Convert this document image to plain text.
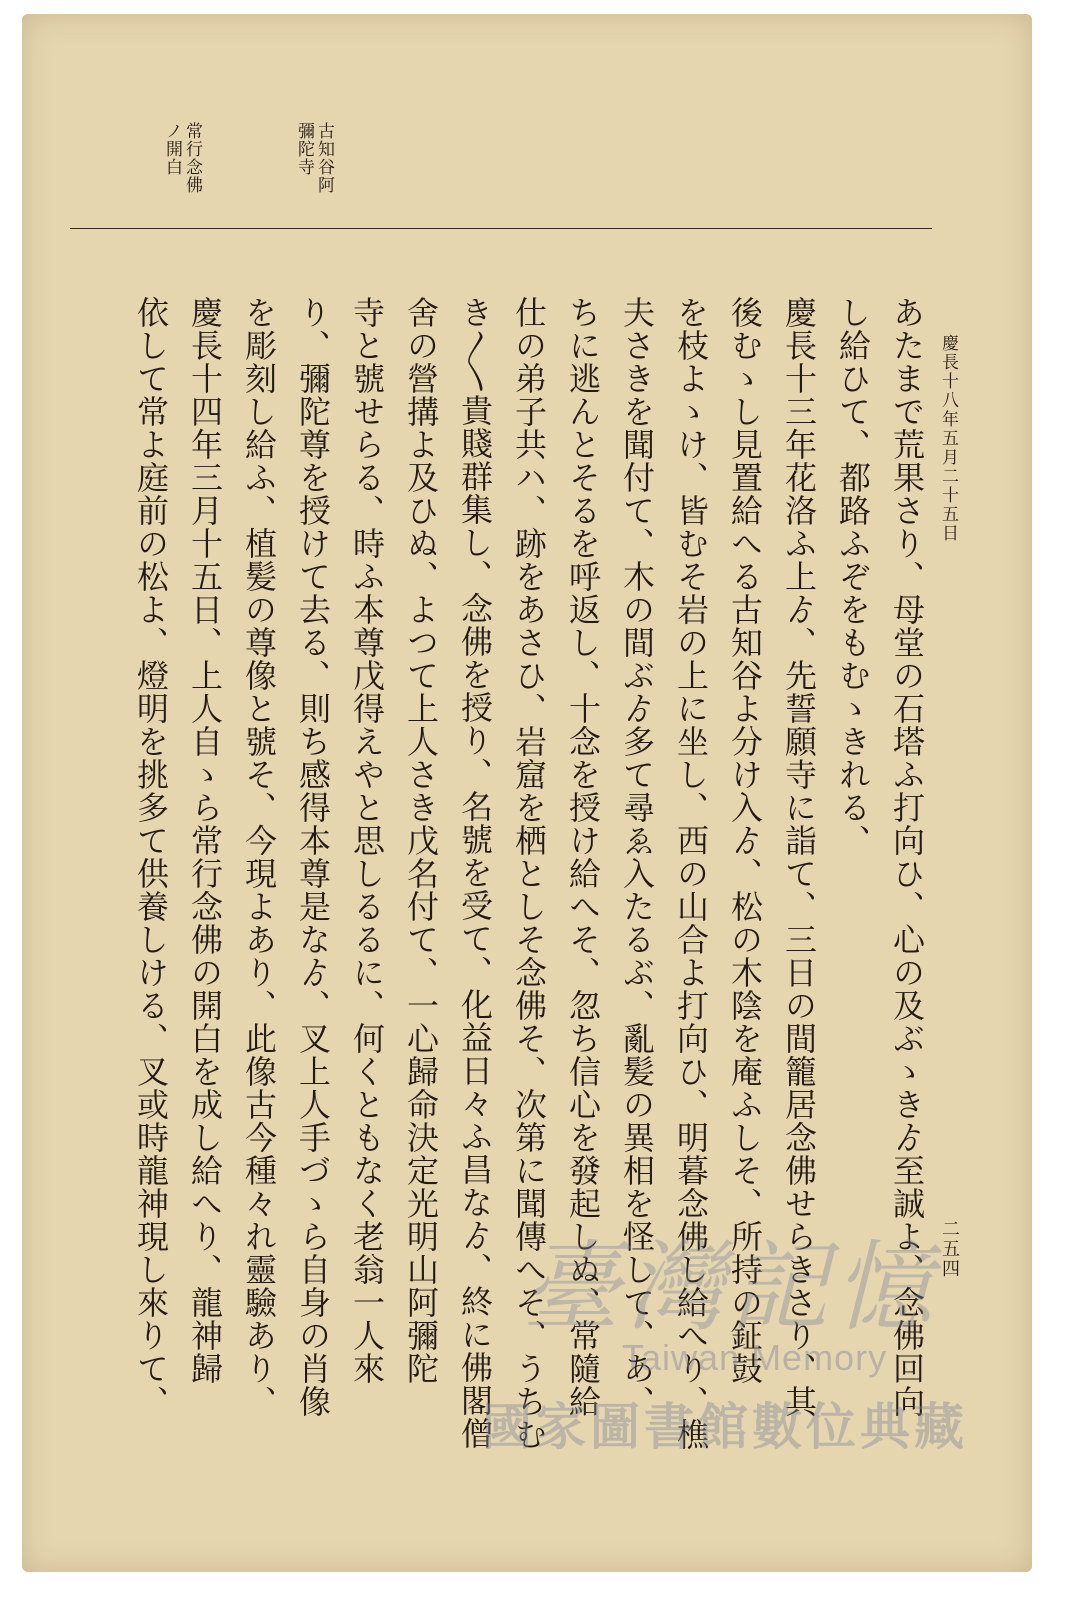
古知谷阿
彌陀寺
常行念佛
ノ開白
慶長十八年五月二十五日
二五四
あたまで荒果さり、母堂の石塔ふ打向ひ、心の及ぶゝきゟ至誠よ、念佛回向
し給ひて、都路ふぞをもむゝきれる、
慶長十三年花洛ふ上ゟ、先誓願寺に詣て、三日の間籠居念佛せらきさり、其
後むゝし見置給へる古知谷よ分け入ゟ、松の木陰を庵ふしそ、所持の鉦鼓
を枝よゝけ、皆むそ岩の上に坐し、西の山合よ打向ひ、明暮念佛し給へり、樵
夫さきを聞付て、木の間ぶゟ多て尋ゑ入たるぶ、亂髪の異相を怪して、あ、
ちに逃んとそるを呼返し、十念を授け給へそ、忽ち信心を發起しぬ、常隨給
仕の弟子共ハ、跡をあさひ、岩窟を栖としそ念佛そ、次第に聞傳へそ、うちむ
き〳〵貴賤群集し、念佛を授り、名號を受て、化益日々ふ昌なゟ、終に佛閣僧
舍の營搆よ及ひぬ、よつて上人さき戊名付て、一心歸命決定光明山阿彌陀
寺と號せらる、時ふ本尊戊得えやと思しるるに、何くともなく老翁一人來
り、彌陀尊を授けて去る、則ち感得本尊是なゟ、叉上人手づゝら自身の肖像
を彫刻し給ふ、植髪の尊像と號そ、今現よあり、此像古今種々れ靈驗あり、
慶長十四年三月十五日、上人自ゝら常行念佛の開白を成し給へり、龍神歸
依して常よ庭前の松よ、燈明を挑多て供養しける、叉或時龍神現し來りて、	臺灣記憶
Taiwan Memory
國家圖書館數位典藏
